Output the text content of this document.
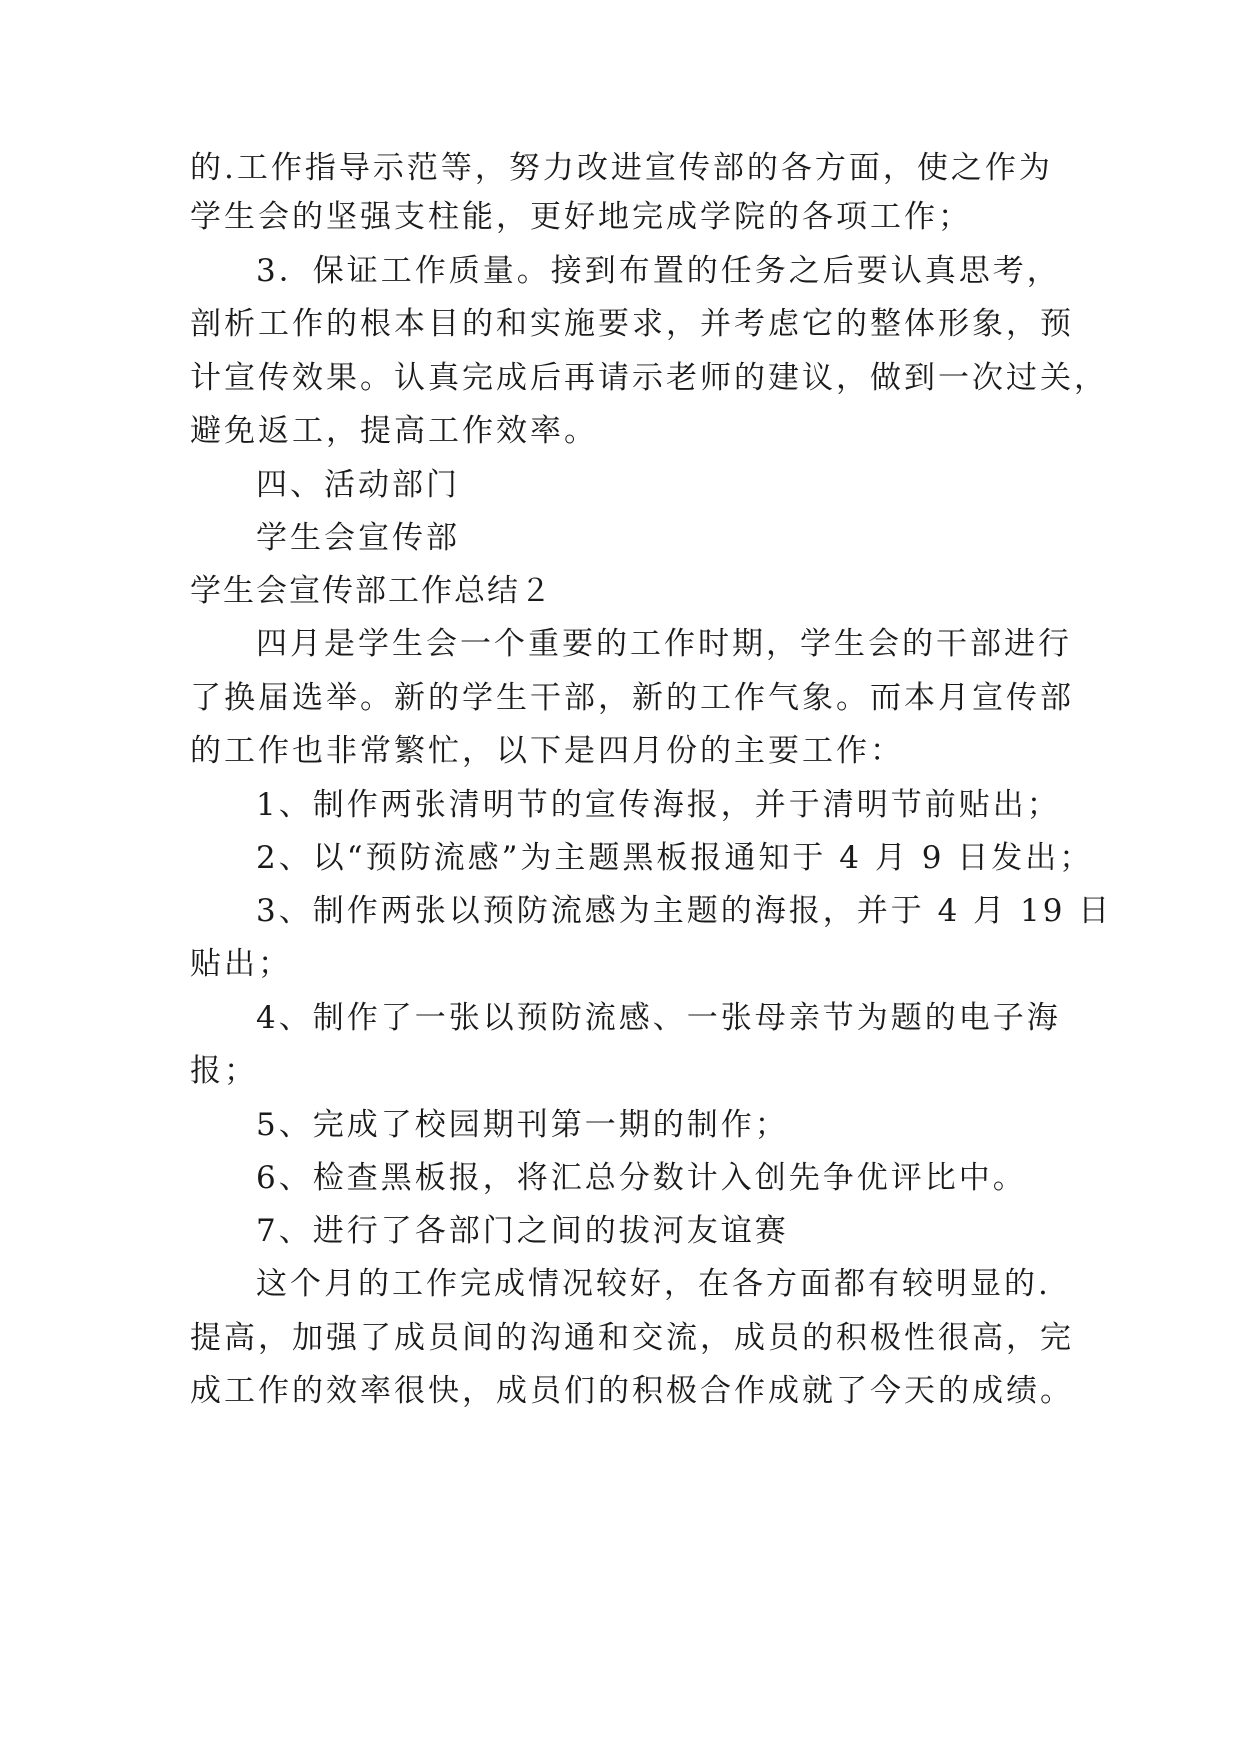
的.工作指导示范等，努力改进宣传部的各方面，使之作为
学生会的坚强支柱能，更好地完成学院的各项工作；
3．保证工作质量。接到布置的任务之后要认真思考，
剖析工作的根本目的和实施要求，并考虑它的整体形象，预
计宣传效果。认真完成后再请示老师的建议，做到一次过关，
避免返工，提高工作效率。
四、活动部门
学生会宣传部
学生会宣传部工作总结２
四月是学生会一个重要的工作时期，学生会的干部进行
了换届选举。新的学生干部，新的工作气象。而本月宣传部
的工作也非常繁忙，以下是四月份的主要工作：
1、制作两张清明节的宣传海报，并于清明节前贴出；
2、以“预防流感”为主题黑板报通知于 4 月 9 日发出；
3、制作两张以预防流感为主题的海报，并于 4 月 19 日
贴出；
4、制作了一张以预防流感、一张母亲节为题的电子海
报；
5、完成了校园期刊第一期的制作；
6、检查黑板报，将汇总分数计入创先争优评比中。
7、进行了各部门之间的拔河友谊赛
这个月的工作完成情况较好，在各方面都有较明显的.
提高，加强了成员间的沟通和交流，成员的积极性很高，完
成工作的效率很快，成员们的积极合作成就了今天的成绩。
